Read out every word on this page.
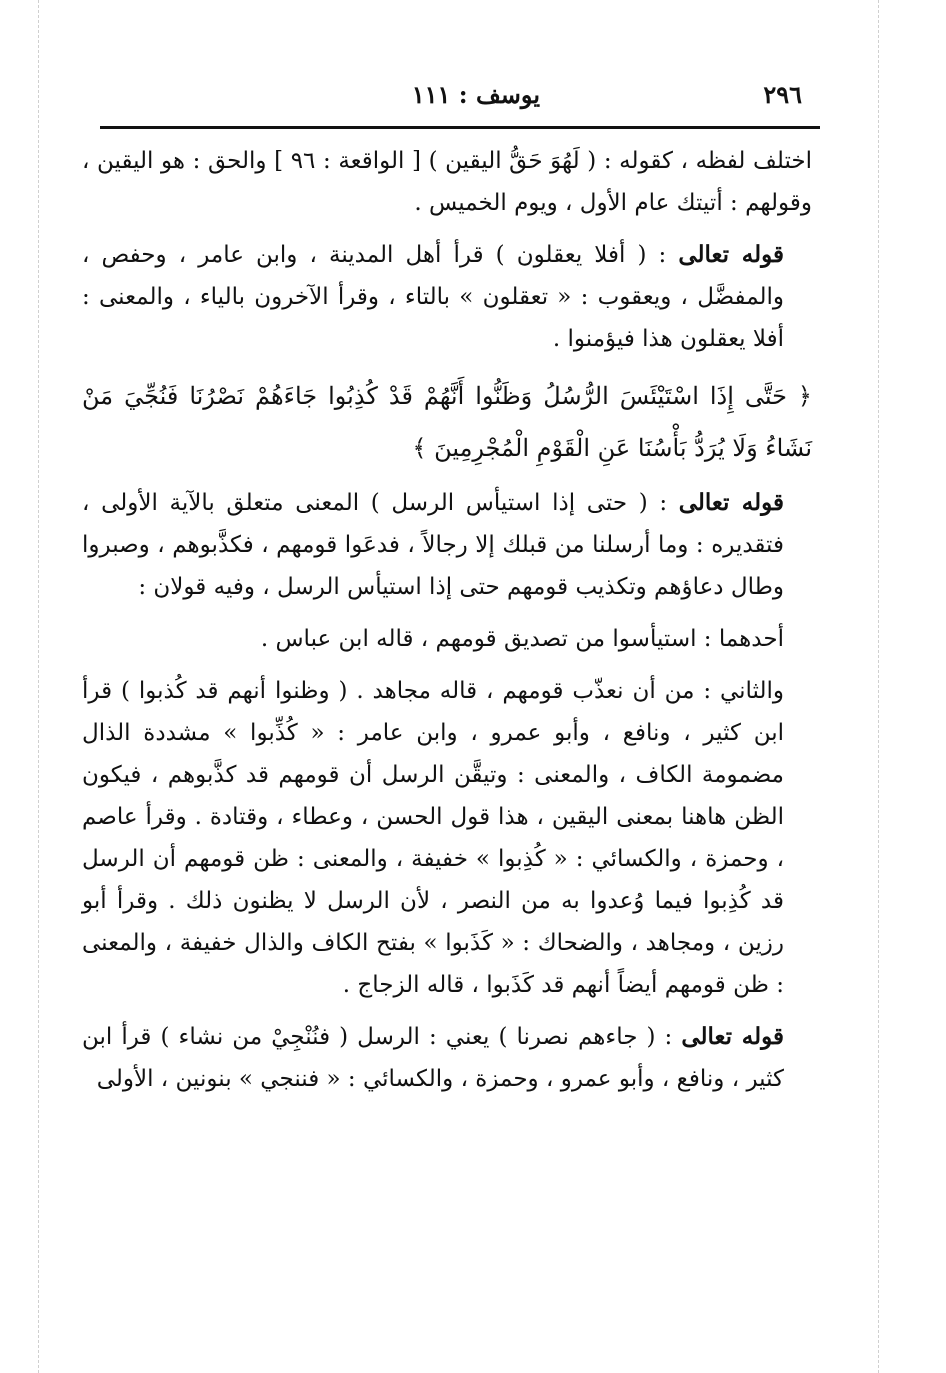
٢٩٦
يوسف : ١١١

اختلف لفظه ، كقوله : ( لَهُوَ حَقُّ اليقين ) [ الواقعة : ٩٦ ] والحق : هو اليقين ، وقولهم : أتيتك عام الأول ، ويوم الخميس .

قوله تعالى : ( أفلا يعقلون ) قرأ أهل المدينة ، وابن عامر ، وحفص ، والمفضَّل ، ويعقوب : « تعقلون » بالتاء ، وقرأ الآخرون بالياء ، والمعنى : أفلا يعقلون هذا فيؤمنوا .

﴿ حَتَّى إِذَا اسْتَيْئَسَ الرُّسُلُ وَظَنُّوا أَنَّهُمْ قَدْ كُذِبُوا جَاءَهُمْ نَصْرُنَا فَنُجِّيَ مَنْ نَشَاءُ وَلَا يُرَدُّ بَأْسُنَا عَنِ الْقَوْمِ الْمُجْرِمِينَ ﴾

قوله تعالى : ( حتى إذا استيأس الرسل ) المعنى متعلق بالآية الأولى ، فتقديره : وما أرسلنا من قبلك إلا رجالاً ، فدعَوا قومهم ، فكذَّبوهم ، وصبروا وطال دعاؤهم وتكذيب قومهم حتى إذا استيأس الرسل ، وفيه قولان :

أحدهما : استيأسوا من تصديق قومهم ، قاله ابن عباس .

والثاني : من أن نعذّب قومهم ، قاله مجاهد . ( وظنوا أنهم قد كُذبوا ) قرأ ابن كثير ، ونافع ، وأبو عمرو ، وابن عامر : « كُذِّبوا » مشددة الذال مضمومة الكاف ، والمعنى : وتيقَّن الرسل أن قومهم قد كذَّبوهم ، فيكون الظن هاهنا بمعنى اليقين ، هذا قول الحسن ، وعطاء ، وقتادة . وقرأ عاصم ، وحمزة ، والكسائي : « كُذِبوا » خفيفة ، والمعنى : ظن قومهم أن الرسل قد كُذِبوا فيما وُعدوا به من النصر ، لأن الرسل لا يظنون ذلك . وقرأ أبو رزين ، ومجاهد ، والضحاك : « كَذَبوا » بفتح الكاف والذال خفيفة ، والمعنى : ظن قومهم أيضاً أنهم قد كَذَبوا ، قاله الزجاج .

قوله تعالى : ( جاءهم نصرنا ) يعني : الرسل ( فنُنْجِيْ من نشاء ) قرأ ابن كثير ، ونافع ، وأبو عمرو ، وحمزة ، والكسائي : « فننجي » بنونين ، الأولى
